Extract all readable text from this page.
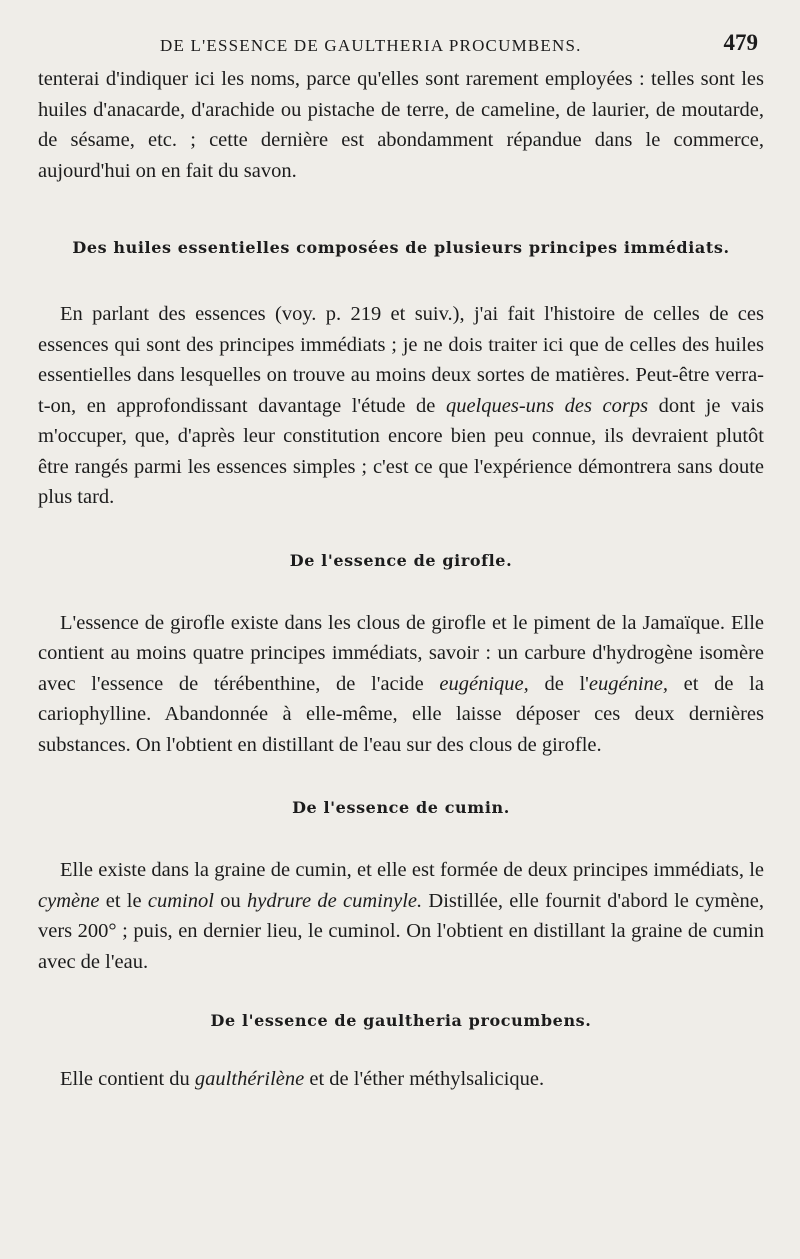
DE L'ESSENCE DE GAULTHERIA PROCUMBENS.	479

tenterai d'indiquer ici les noms, parce qu'elles sont rarement employées : telles sont les huiles d'anacarde, d'arachide ou pistache de terre, de cameline, de laurier, de moutarde, de sésame, etc. ; cette dernière est abondamment répandue dans le commerce, aujourd'hui on en fait du savon.

Des huiles essentielles composées de plusieurs principes immédiats.

En parlant des essences (voy. p. 219 et suiv.), j'ai fait l'histoire de celles de ces essences qui sont des principes immédiats ; je ne dois traiter ici que de celles des huiles essentielles dans lesquelles on trouve au moins deux sortes de matières. Peut-être verra-t-on, en approfondissant davantage l'étude de quelques-uns des corps dont je vais m'occuper, que, d'après leur constitution encore bien peu connue, ils devraient plutôt être rangés parmi les essences simples ; c'est ce que l'expérience démontrera sans doute plus tard.

De l'essence de girofle.

L'essence de girofle existe dans les clous de girofle et le piment de la Jamaïque. Elle contient au moins quatre principes immédiats, savoir : un carbure d'hydrogène isomère avec l'essence de térébenthine, de l'acide eugénique, de l'eugénine, et de la cariophylline. Abandonnée à elle-même, elle laisse déposer ces deux dernières substances. On l'obtient en distillant de l'eau sur des clous de girofle.

De l'essence de cumin.

Elle existe dans la graine de cumin, et elle est formée de deux principes immédiats, le cymène et le cuminol ou hydrure de cuminyle. Distillée, elle fournit d'abord le cymène, vers 200° ; puis, en dernier lieu, le cuminol. On l'obtient en distillant la graine de cumin avec de l'eau.

De l'essence de gaultheria procumbens.

Elle contient du gaulthérilène et de l'éther méthylsalicique.
